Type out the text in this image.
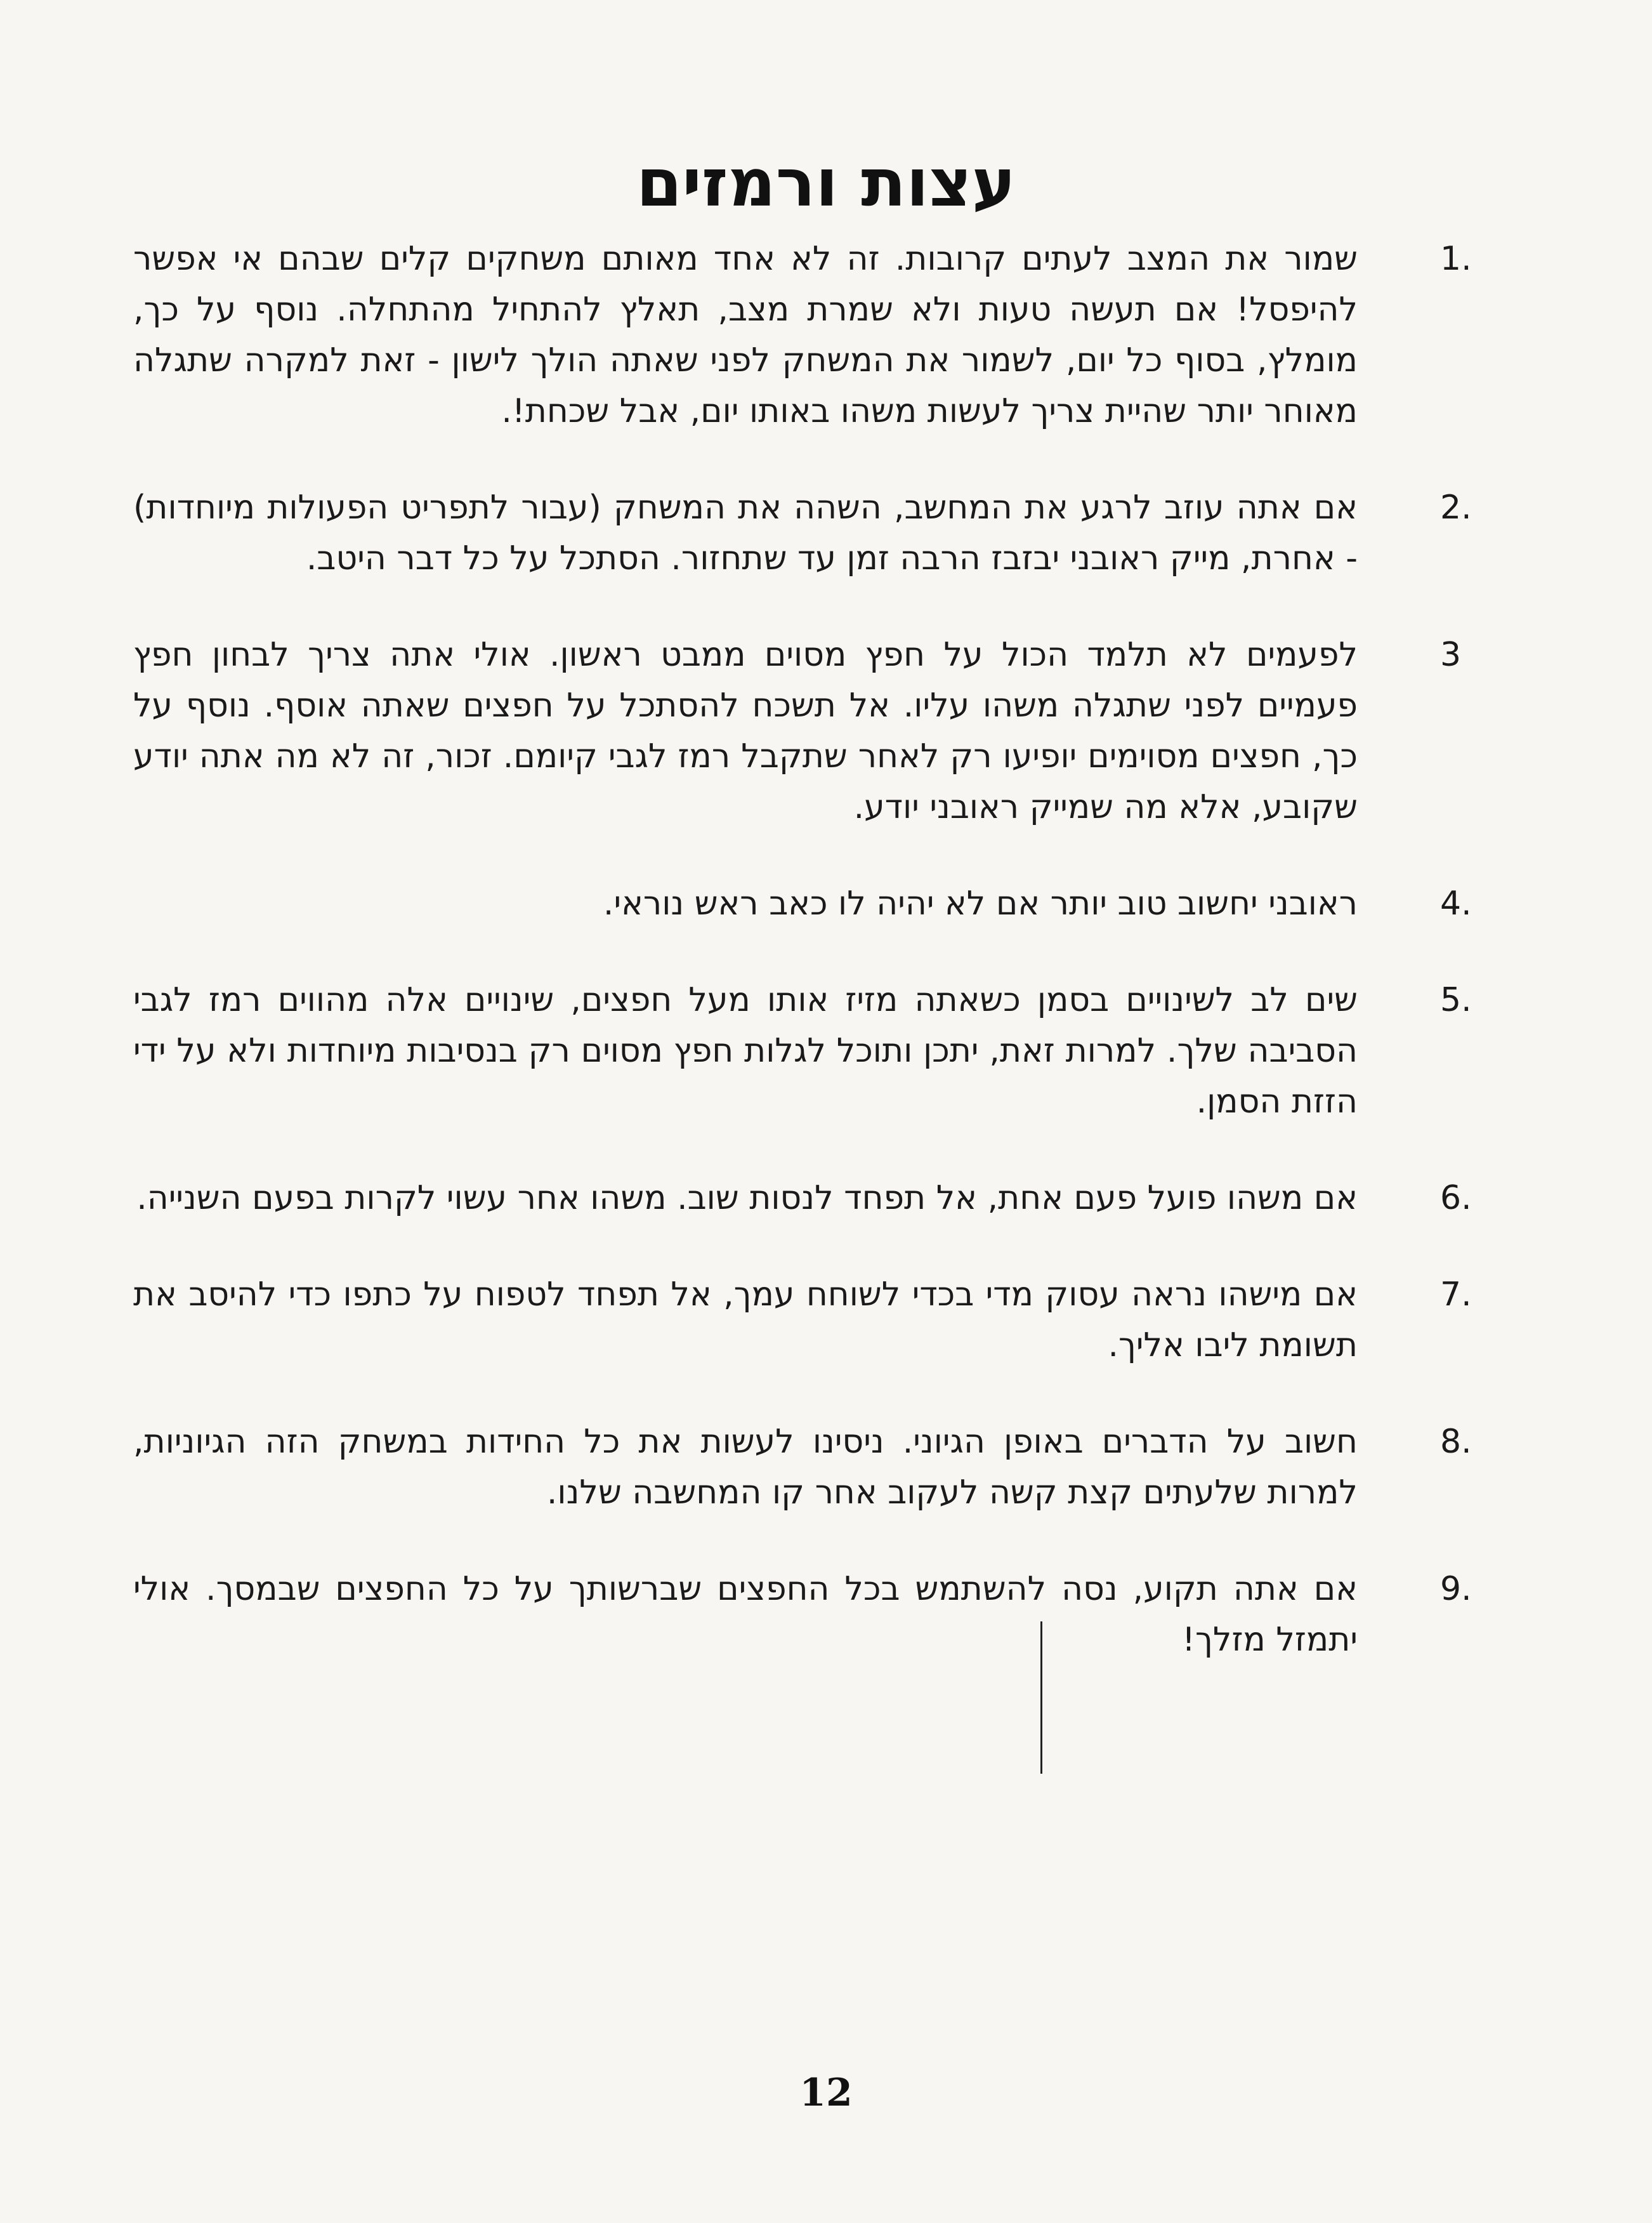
עצות ורמזים
1.
שמור את המצב לעתים קרובות. זה לא אחד מאותם משחקים קלים שבהם אי אפשר להיפסל! אם תעשה טעות ולא שמרת מצב, תאלץ להתחיל מהתחלה. נוסף על כך, מומלץ, בסוף כל יום, לשמור את המשחק לפני שאתה הולך לישון - זאת למקרה שתגלה מאוחר יותר שהיית צריך לעשות משהו באותו יום, אבל שכחת!.
2.
אם אתה עוזב לרגע את המחשב, השהה את המשחק (עבור לתפריט הפעולות מיוחדות) - אחרת, מייק ראובני יבזבז הרבה זמן עד שתחזור. הסתכל על כל דבר היטב.
3
לפעמים לא תלמד הכול על חפץ מסוים ממבט ראשון. אולי אתה צריך לבחון חפץ פעמיים לפני שתגלה משהו עליו. אל תשכח להסתכל על חפצים שאתה אוסף. נוסף על כך, חפצים מסוימים יופיעו רק לאחר שתקבל רמז לגבי קיומם. זכור, זה לא מה אתה יודע שקובע, אלא מה שמייק ראובני יודע.
4.
ראובני יחשוב טוב יותר אם לא יהיה לו כאב ראש נוראי.
5.
שים לב לשינויים בסמן כשאתה מזיז אותו מעל חפצים, שינויים אלה מהווים רמז לגבי הסביבה שלך. למרות זאת, יתכן ותוכל לגלות חפץ מסוים רק בנסיבות מיוחדות ולא על ידי הזזת הסמן.
6.
אם משהו פועל פעם אחת, אל תפחד לנסות שוב. משהו אחר עשוי לקרות בפעם השנייה.
7.
אם מישהו נראה עסוק מדי בכדי לשוחח עמך, אל תפחד לטפוח על כתפו כדי להיסב את תשומת ליבו אליך.
8.
חשוב על הדברים באופן הגיוני. ניסינו לעשות את כל החידות במשחק הזה הגיוניות, למרות שלעתים קצת קשה לעקוב אחר קו המחשבה שלנו.
9.
אם אתה תקוע, נסה להשתמש בכל החפצים שברשותך על כל החפצים שבמסך. אולי יתמזל מזלך!
12
